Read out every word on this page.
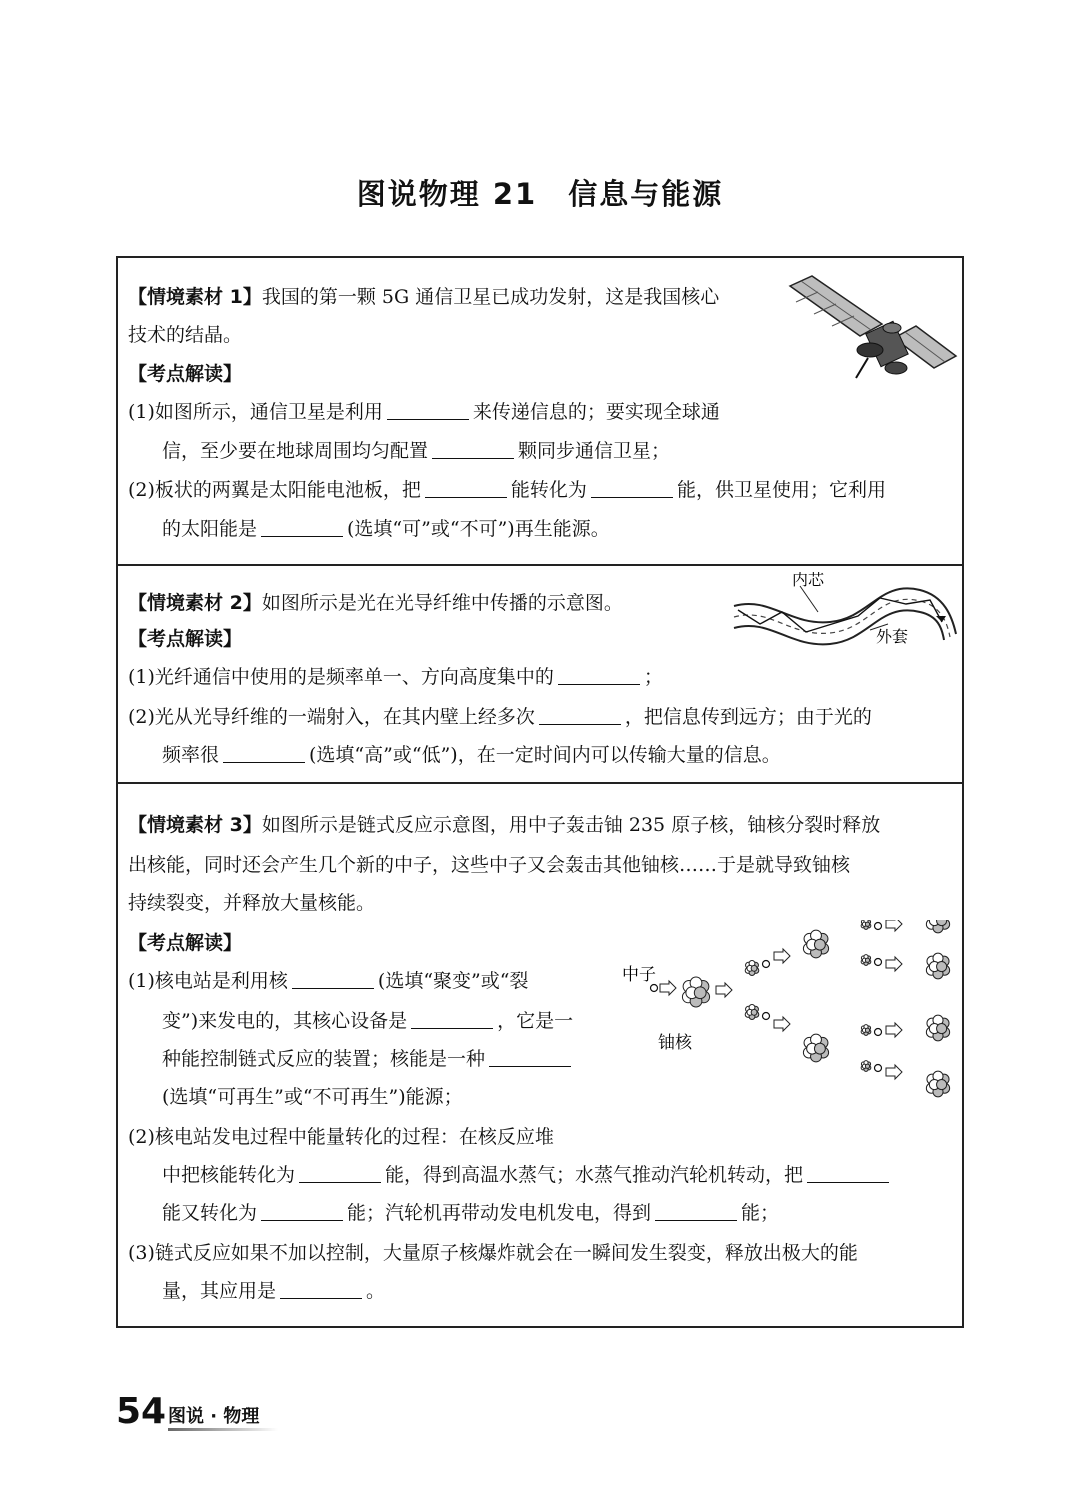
图说物理 21　信息与能源
【情境素材 1】我国的第一颗 5G 通信卫星已成功发射，这是我国核心
技术的结晶。
【考点解读】
(1)如图所示，通信卫星是利用	来传递信息的；要实现全球通
信，至少要在地球周围均匀配置	颗同步通信卫星；
(2)板状的两翼是太阳能电池板，把	能转化为	能，供卫星使用；它利用
的太阳能是	(选填“可”或“不可”)再生能源。
【情境素材 2】如图所示是光在光导纤维中传播的示意图。
【考点解读】
(1)光纤通信中使用的是频率单一、方向高度集中的	；
(2)光从光导纤维的一端射入，在其内壁上经多次	，把信息传到远方；由于光的
频率很	(选填“高”或“低”)，在一定时间内可以传输大量的信息。
内芯
外套
【情境素材 3】如图所示是链式反应示意图，用中子轰击铀 235 原子核，铀核分裂时释放
出核能，同时还会产生几个新的中子，这些中子又会轰击其他铀核……于是就导致铀核
持续裂变，并释放大量核能。
【考点解读】
(1)核电站是利用核	(选填“聚变”或“裂
变”)来发电的，其核心设备是	，它是一
种能控制链式反应的装置；核能是一种
(选填“可再生”或“不可再生”)能源；
(2)核电站发电过程中能量转化的过程：在核反应堆
中把核能转化为	能，得到高温水蒸气；水蒸气推动汽轮机转动，把
能又转化为	能；汽轮机再带动发电机发电，得到	能；
(3)链式反应如果不加以控制，大量原子核爆炸就会在一瞬间发生裂变，释放出极大的能
量，其应用是	。
中子
铀核
54 图说 · 物理
